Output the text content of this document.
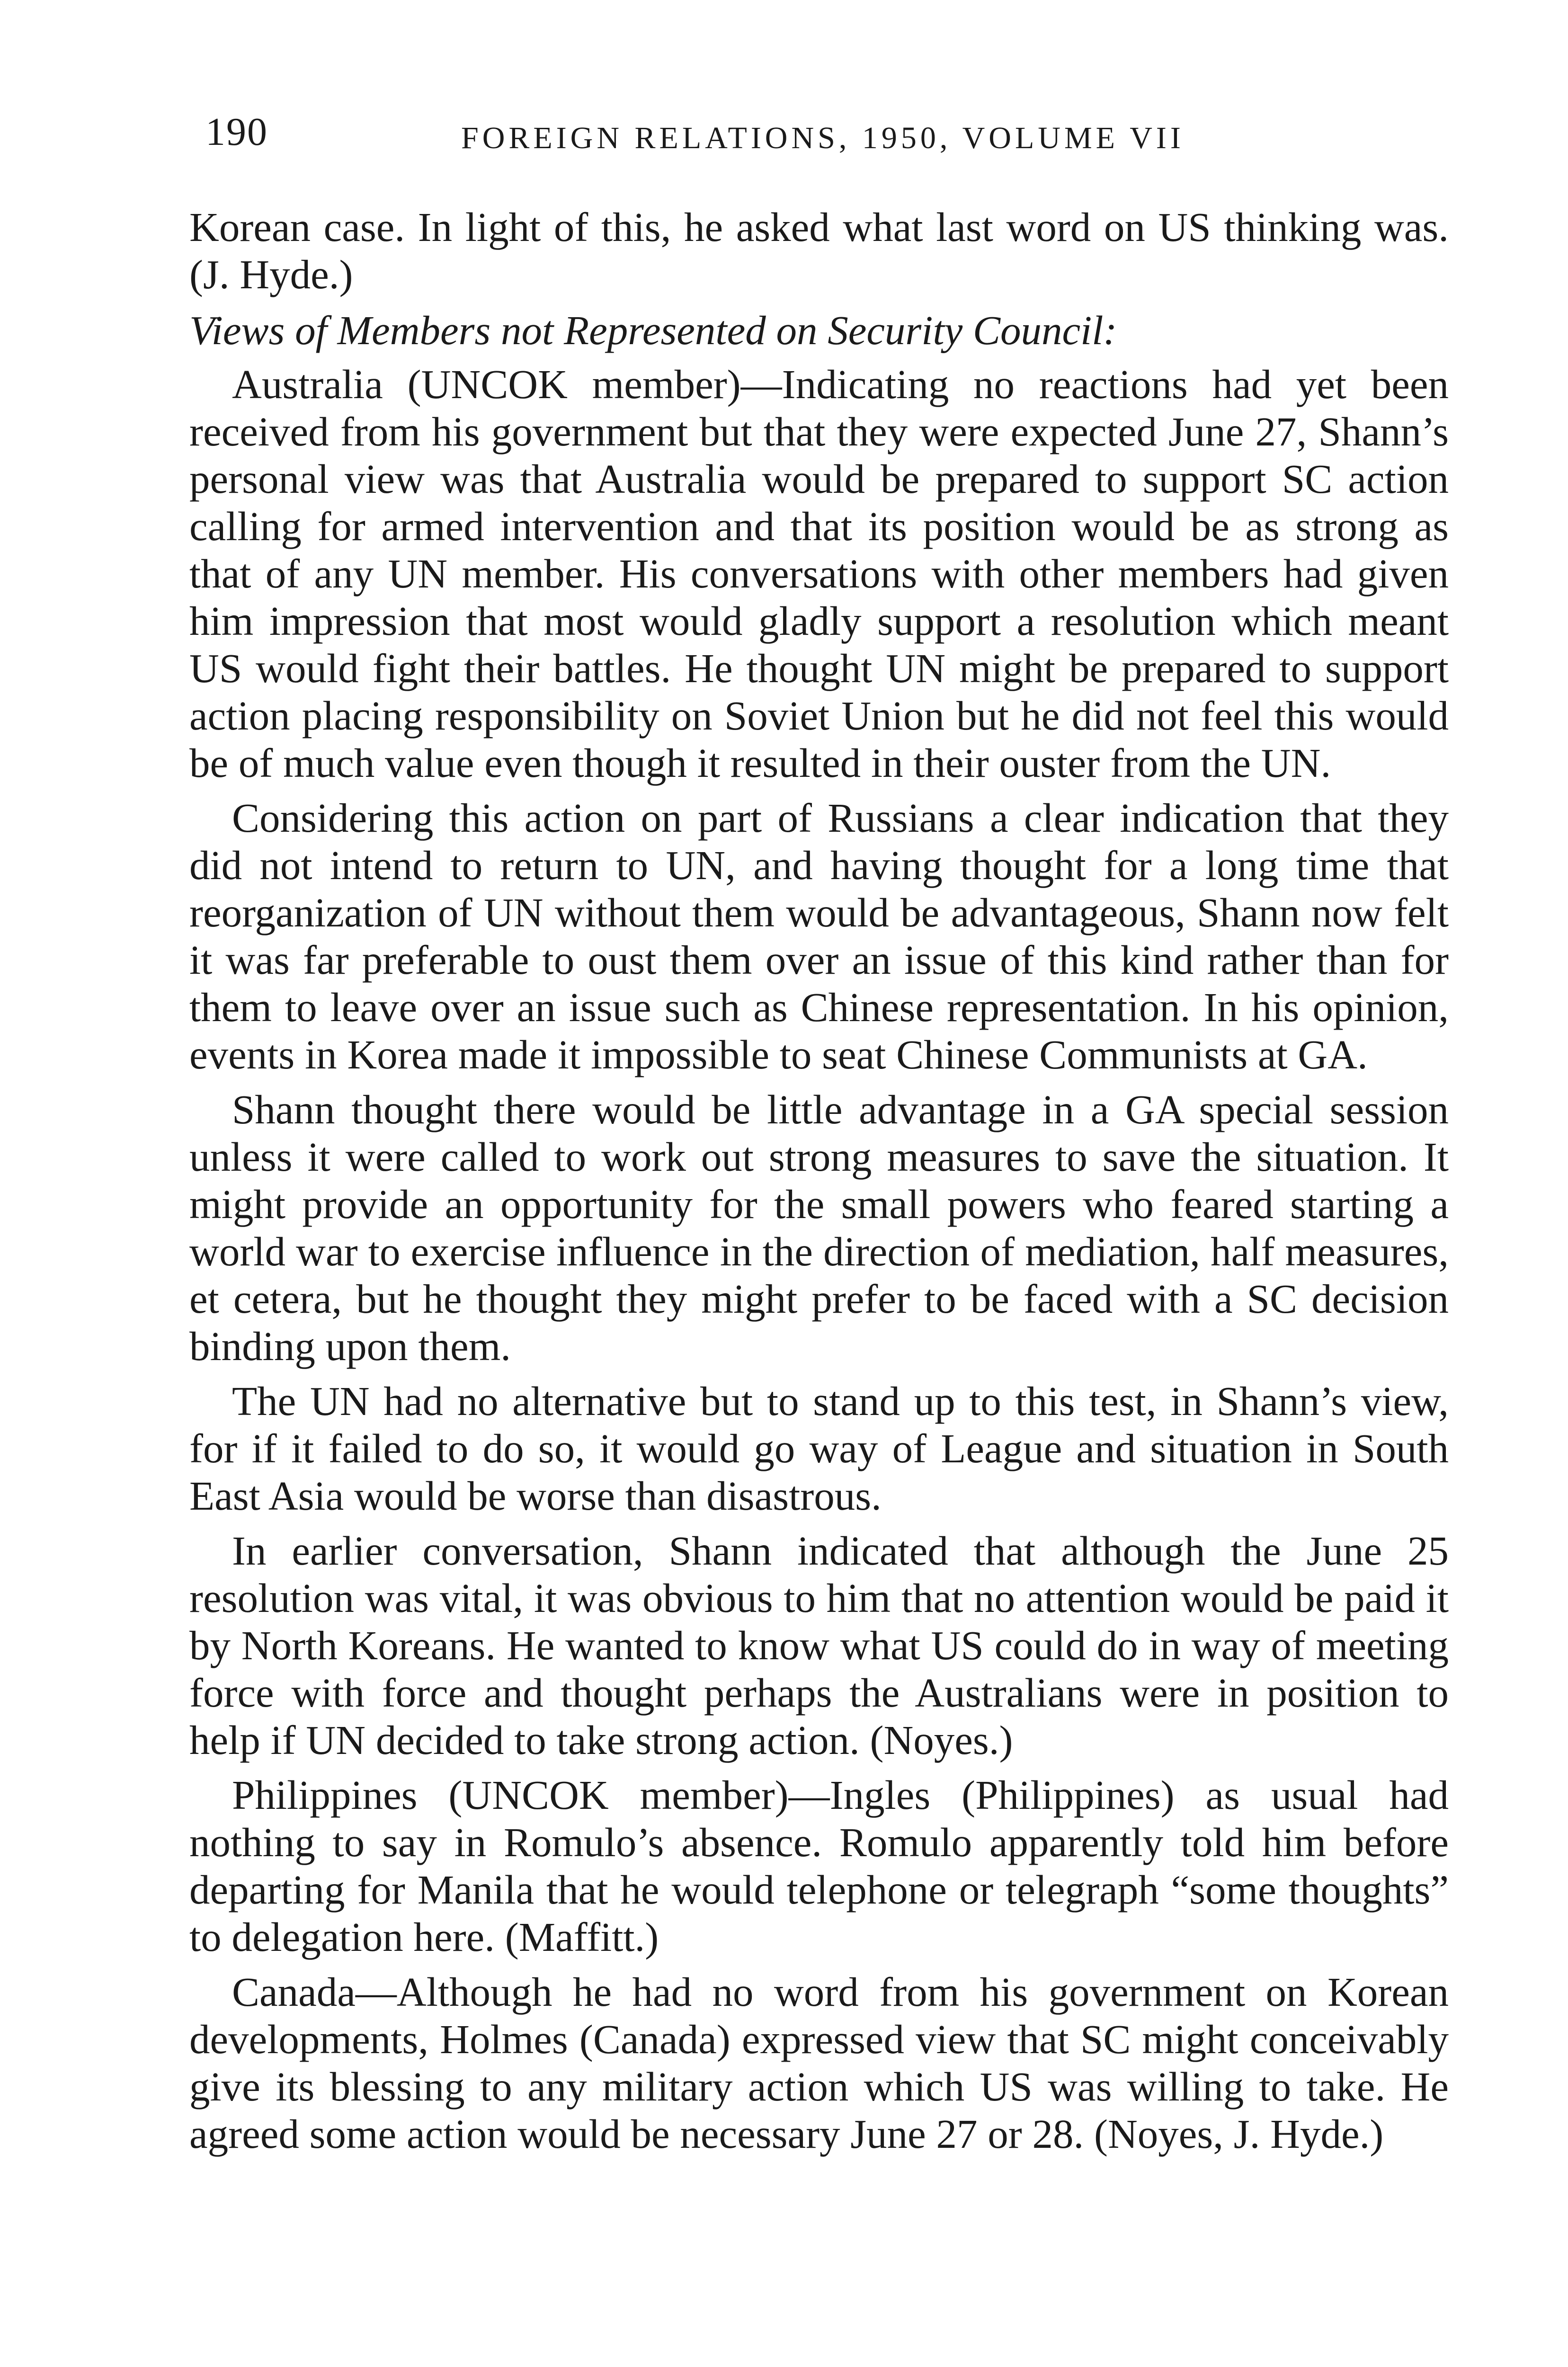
190	FOREIGN RELATIONS, 1950, VOLUME VII

Korean case. In light of this, he asked what last word on US thinking was. (J. Hyde.)

Views of Members not Represented on Security Council:

Australia (UNCOK member)—Indicating no reactions had yet been received from his government but that they were expected June 27, Shann’s personal view was that Australia would be prepared to support SC action calling for armed intervention and that its position would be as strong as that of any UN member. His conversations with other members had given him impression that most would gladly support a resolution which meant US would fight their battles. He thought UN might be prepared to support action placing responsibility on Soviet Union but he did not feel this would be of much value even though it resulted in their ouster from the UN.

Considering this action on part of Russians a clear indication that they did not intend to return to UN, and having thought for a long time that reorganization of UN without them would be advantageous, Shann now felt it was far preferable to oust them over an issue of this kind rather than for them to leave over an issue such as Chinese representation. In his opinion, events in Korea made it impossible to seat Chinese Communists at GA.

Shann thought there would be little advantage in a GA special session unless it were called to work out strong measures to save the situation. It might provide an opportunity for the small powers who feared starting a world war to exercise influence in the direction of mediation, half measures, et cetera, but he thought they might prefer to be faced with a SC decision binding upon them.

The UN had no alternative but to stand up to this test, in Shann’s view, for if it failed to do so, it would go way of League and situation in South East Asia would be worse than disastrous.

In earlier conversation, Shann indicated that although the June 25 resolution was vital, it was obvious to him that no attention would be paid it by North Koreans. He wanted to know what US could do in way of meeting force with force and thought perhaps the Australians were in position to help if UN decided to take strong action. (Noyes.)

Philippines (UNCOK member)—Ingles (Philippines) as usual had nothing to say in Romulo’s absence. Romulo apparently told him before departing for Manila that he would telephone or telegraph “some thoughts” to delegation here. (Maffitt.)

Canada—Although he had no word from his government on Korean developments, Holmes (Canada) expressed view that SC might conceivably give its blessing to any military action which US was willing to take. He agreed some action would be necessary June 27 or 28. (Noyes, J. Hyde.)
